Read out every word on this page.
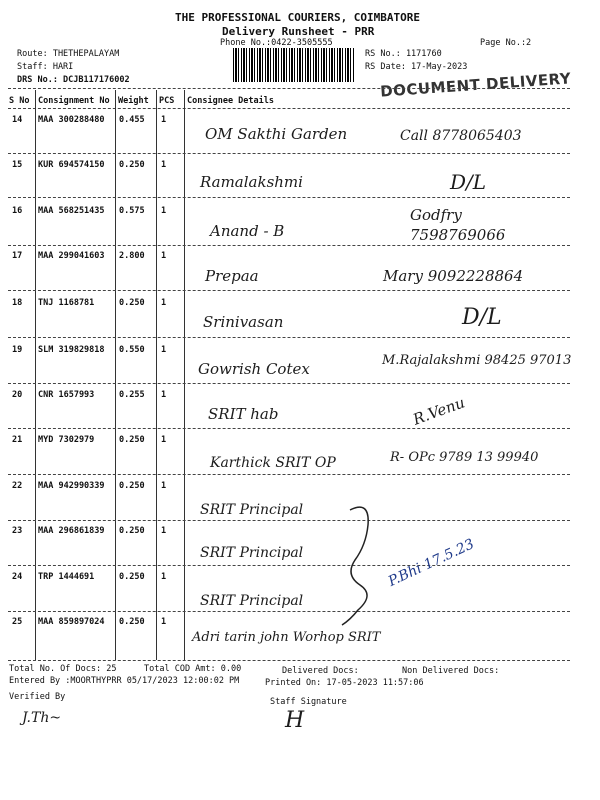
THE PROFESSIONAL COURIERS, COIMBATORE
Delivery Runsheet - PRR
Phone No.:0422-3505555	Page No.:2
Route: THETHEPALAYAM
Staff: HARI
DRS No.: DCJB117176002
RS No.: 1171760
RS Date: 17-May-2023
DOCUMENT DELIVERY
S No Consignment No Weight PCS Consignee Details
14 MAA 300288480 0.455 1
OM Sakthi Garden	Call 8778065403
15 KUR 694574150 0.250 1
Ramalakshmi	D/L
16 MAA 568251435 0.575 1
Anand - B
Godfry 7598769066
17 MAA 299041603 2.800 1
Prepaa	Mary 9092228864
18 TNJ 1168781	0.250 1
Srinivasan	D/L
19 SLM 319829818 0.550 1
Gowrish Cotex	M.Rajalakshmi 98425 97013
20 CNR 1657993	0.255 1
SRIT hab	R.Venu
21 MYD 7302979	0.250 1
Karthick SRIT OP	R- OPc 9789 13 99940
22 MAA 942990339 0.250 1
SRIT Principal
23 MAA 296861839 0.250 1
SRIT Principal
24 TRP 1444691	0.250 1
SRIT Principal
P.Bhi 17.5.23
25 MAA 859897024 0.250 1
Adri tarin john Worhop SRIT
Total No. Of Docs: 25	Total COD Amt: 0.00	Delivered Docs:	Non Delivered Docs:
Entered By :MOORTHYPRR 05/17/2023 12:00:02 PM	Printed On: 17-05-2023 11:57:06
Verified By	Staff Signature
J.Th~	H
